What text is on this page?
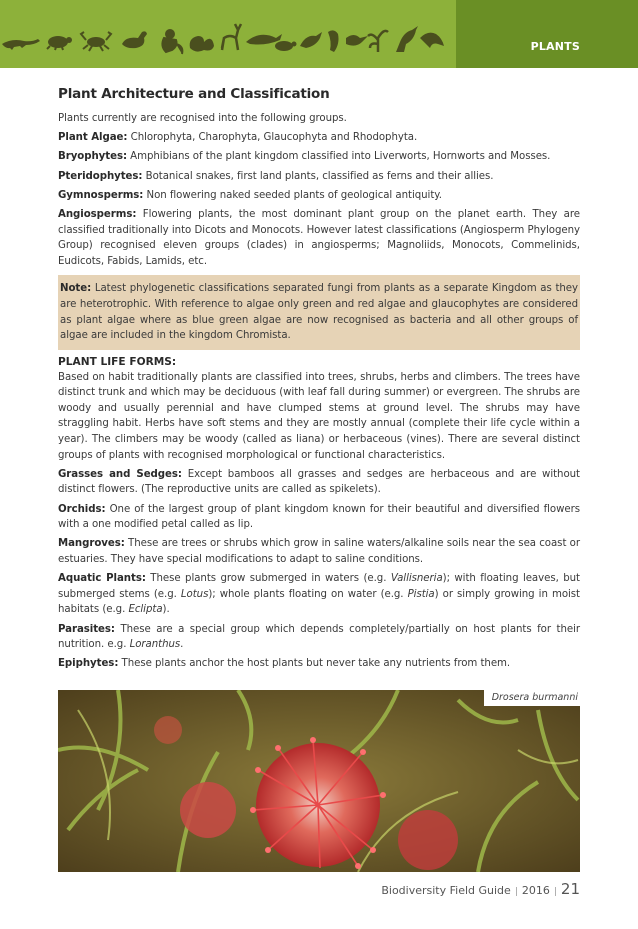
PLANTS
Plant Architecture and Classification

Plants currently are recognised into the following groups.

Plant Algae: Chlorophyta, Charophyta, Glaucophyta and Rhodophyta.

Bryophytes: Amphibians of the plant kingdom classified into Liverworts, Hornworts and Mosses.

Pteridophytes: Botanical snakes, first land plants, classified as ferns and their allies.

Gymnosperms: Non flowering naked seeded plants of geological antiquity.

Angiosperms: Flowering plants, the most dominant plant group on the planet earth. They are classified traditionally into Dicots and Monocots. However latest classifications (Angiosperm Phylogeny Group) recognised eleven groups (clades) in angiosperms; Magnoliids, Monocots, Commelinids, Eudicots, Fabids, Lamids, etc.

Note: Latest phylogenetic classifications separated fungi from plants as a separate Kingdom as they are heterotrophic. With reference to algae only green and red algae and glaucophytes are considered as plant algae where as blue green algae are now recognised as bacteria and all other groups of algae are included in the kingdom Chromista.

PLANT LIFE FORMS:

Based on habit traditionally plants are classified into trees, shrubs, herbs and climbers. The trees have distinct trunk and which may be deciduous (with leaf fall during summer) or evergreen. The shrubs are woody and usually perennial and have clumped stems at ground level. The shrubs may have straggling habit. Herbs have soft stems and they are mostly annual (complete their life cycle within a year). The climbers may be woody (called as liana) or herbaceous (vines). There are several distinct groups of plants with recognised morphological or functional characteristics.

Grasses and Sedges: Except bamboos all grasses and sedges are herbaceous and are without distinct flowers. (The reproductive units are called as spikelets).

Orchids: One of the largest group of plant kingdom known for their beautiful and diversified flowers with a one modified petal called as lip.

Mangroves: These are trees or shrubs which grow in saline waters/alkaline soils near the sea coast or estuaries. They have special modifications to adapt to saline conditions.

Aquatic Plants: These plants grow submerged in waters (e.g. Vallisneria); with floating leaves, but submerged stems (e.g. Lotus); whole plants floating on water (e.g. Pistia) or simply growing in moist habitats (e.g. Eclipta).

Parasites: These are a special group which depends completely/partially on host plants for their nutrition. e.g. Loranthus.

Epiphytes: These plants anchor the host plants but never take any nutrients from them.

Drosera burmanni
Biodiversity Field Guide | 2016 | 21
